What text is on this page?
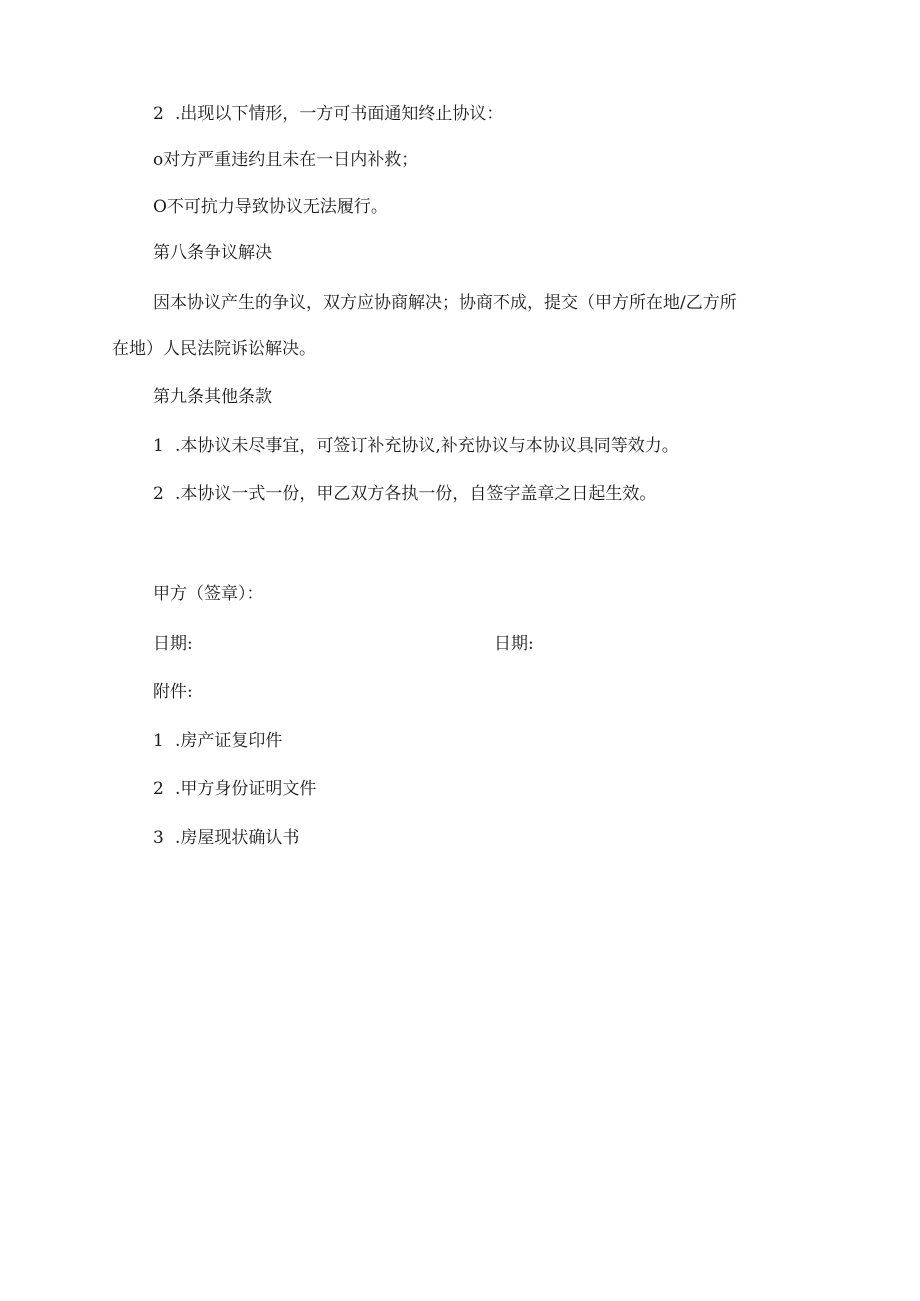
2 .出现以下情形，一方可书面通知终止协议：
o对方严重违约且未在一日内补救；
O不可抗力导致协议无法履行。
第八条争议解决
因本协议产生的争议，双方应协商解决；协商不成，提交（甲方所在地/乙方所
在地）人民法院诉讼解决。
第九条其他条款
1 .本协议未尽事宜，可签订补充协议,补充协议与本协议具同等效力。
2 .本协议一式一份，甲乙双方各执一份，自签字盖章之日起生效。
甲方（签章）：
日期:	日期:
附件:
1 .房产证复印件
2 .甲方身份证明文件
3 .房屋现状确认书
